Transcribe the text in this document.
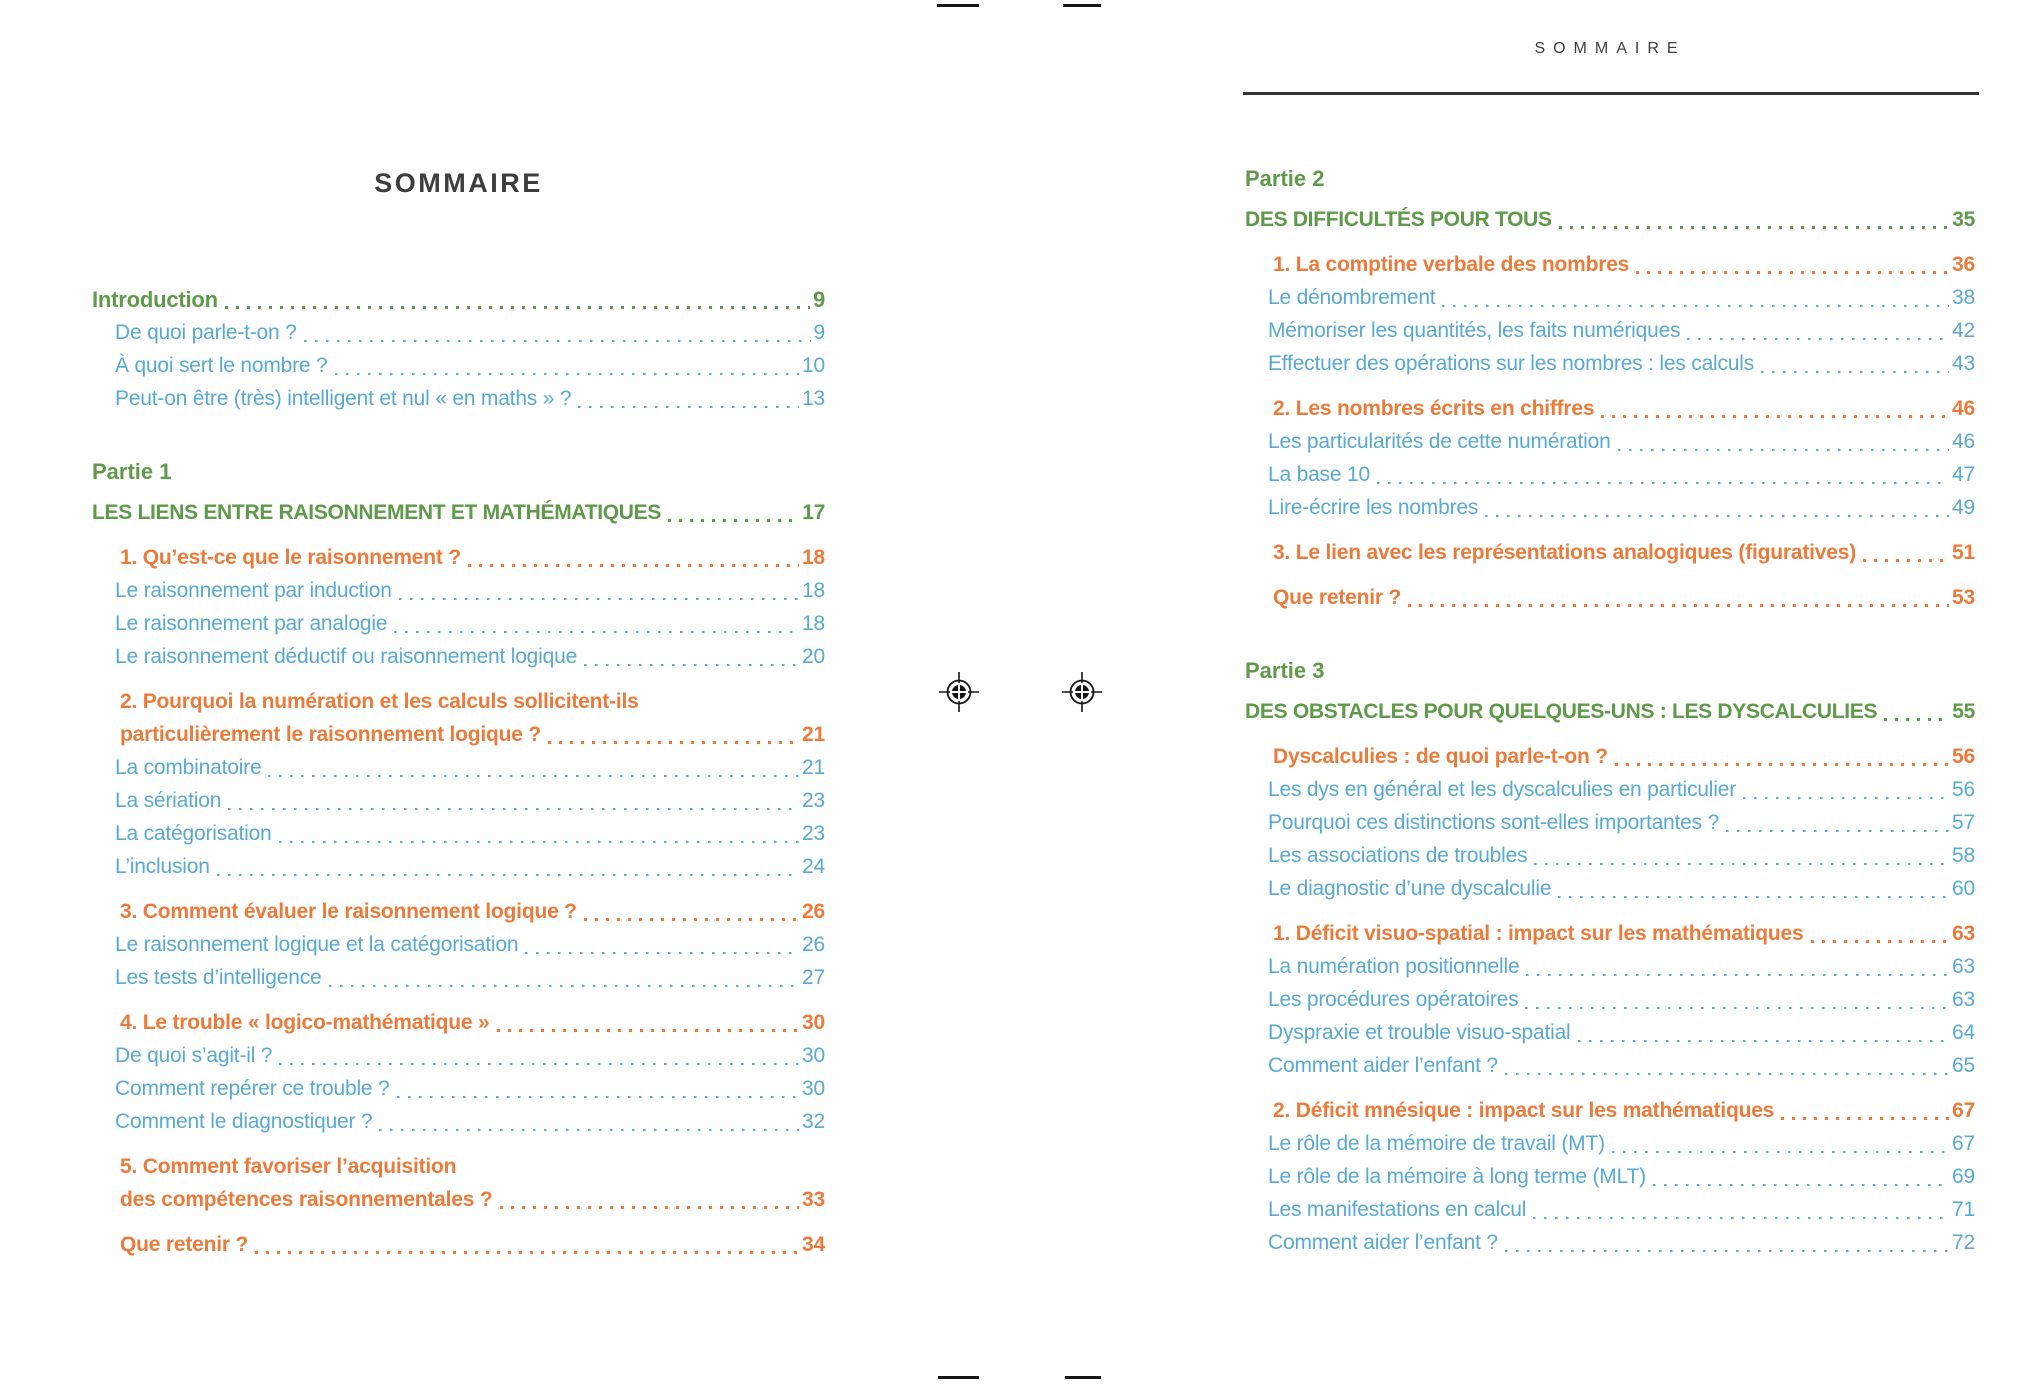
SOMMAIRE
Introduction	9
De quoi parle-t-on ?	9
À quoi sert le nombre ?	10
Peut-on être (très) intelligent et nul « en maths » ?	13
Partie 1
LES LIENS ENTRE RAISONNEMENT ET MATHÉMATIQUES	17
1. Qu’est-ce que le raisonnement ?	18
Le raisonnement par induction	18
Le raisonnement par analogie	18
Le raisonnement déductif ou raisonnement logique	20
2. Pourquoi la numération et les calculs sollicitent-ils
particulièrement le raisonnement logique ?	21
La combinatoire	21
La sériation	23
La catégorisation	23
L’inclusion	24
3. Comment évaluer le raisonnement logique ?	26
Le raisonnement logique et la catégorisation	26
Les tests d’intelligence	27
4. Le trouble « logico-mathématique »	30
De quoi s’agit-il ?	30
Comment repérer ce trouble ?	30
Comment le diagnostiquer ?	32
5. Comment favoriser l’acquisition
des compétences raisonnementales ?	33
Que retenir ?	34
SOMMAIRE
Partie 2
DES DIFFICULTÉS POUR TOUS	35
1. La comptine verbale des nombres	36
Le dénombrement	38
Mémoriser les quantités, les faits numériques	42
Effectuer des opérations sur les nombres : les calculs	43
2. Les nombres écrits en chiffres	46
Les particularités de cette numération	46
La base 10	47
Lire-écrire les nombres	49
3. Le lien avec les représentations analogiques (figuratives)	51
Que retenir ?	53
Partie 3
DES OBSTACLES POUR QUELQUES-UNS : LES DYSCALCULIES	55
Dyscalculies : de quoi parle-t-on ?	56
Les dys en général et les dyscalculies en particulier	56
Pourquoi ces distinctions sont-elles importantes ?	57
Les associations de troubles	58
Le diagnostic d’une dyscalculie	60
1. Déficit visuo-spatial : impact sur les mathématiques	63
La numération positionnelle	63
Les procédures opératoires	63
Dyspraxie et trouble visuo-spatial	64
Comment aider l’enfant ?	65
2. Déficit mnésique : impact sur les mathématiques	67
Le rôle de la mémoire de travail (MT)	67
Le rôle de la mémoire à long terme (MLT)	69
Les manifestations en calcul	71
Comment aider l’enfant ?	72
